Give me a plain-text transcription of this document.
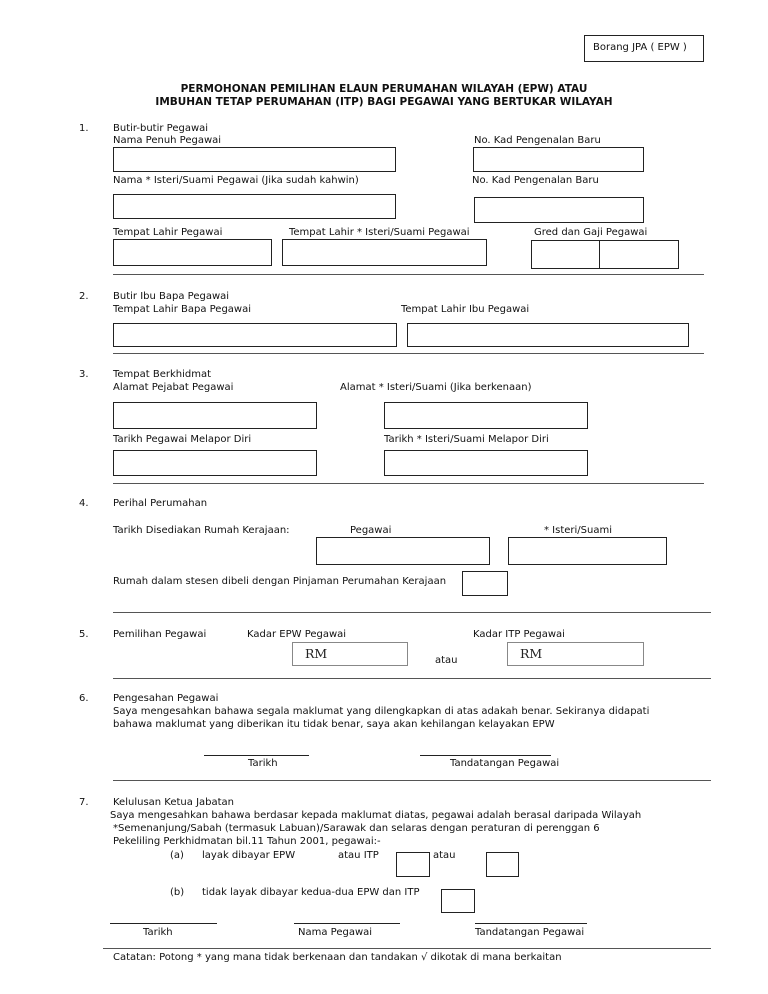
Borang JPA ( EPW )
PERMOHONAN PEMILIHAN ELAUN PERUMAHAN WILAYAH (EPW) ATAU
IMBUHAN TETAP PERUMAHAN (ITP) BAGI PEGAWAI YANG BERTUKAR WILAYAH
1. Butir-butir Pegawai
Nama Penuh Pegawai	No. Kad Pengenalan Baru
Nama * Isteri/Suami Pegawai (Jika sudah kahwin)	No. Kad Pengenalan Baru
Tempat Lahir Pegawai	Tempat Lahir * Isteri/Suami Pegawai	Gred dan Gaji Pegawai
2. Butir Ibu Bapa Pegawai
Tempat Lahir Bapa Pegawai	Tempat Lahir Ibu Pegawai
3. Tempat Berkhidmat
Alamat Pejabat Pegawai	Alamat * Isteri/Suami (Jika berkenaan)
Tarikh Pegawai Melapor Diri	Tarikh * Isteri/Suami Melapor Diri
4. Perihal Perumahan
Tarikh Disediakan Rumah Kerajaan:	Pegawai	* Isteri/Suami
Rumah dalam stesen dibeli dengan Pinjaman Perumahan Kerajaan
5. Pemilihan Pegawai	Kadar EPW Pegawai	Kadar ITP Pegawai
RM	atau	RM
6. Pengesahan Pegawai
Saya mengesahkan bahawa segala maklumat yang dilengkapkan di atas adakah benar. Sekiranya didapati
bahawa maklumat yang diberikan itu tidak benar, saya akan kehilangan kelayakan EPW
Tarikh	Tandatangan Pegawai
7. Kelulusan Ketua Jabatan
Saya mengesahkan bahawa berdasar kepada maklumat diatas, pegawai adalah berasal daripada Wilayah
*Semenanjung/Sabah (termasuk Labuan)/Sarawak dan selaras dengan peraturan di perenggan 6
Pekeliling Perkhidmatan bil.11 Tahun 2001, pegawai:-
(a) layak dibayar EPW	atau ITP	atau
(b) tidak layak dibayar kedua-dua EPW dan ITP
Tarikh	Nama Pegawai	Tandatangan Pegawai
Catatan: Potong * yang mana tidak berkenaan dan tandakan √ dikotak di mana berkaitan
